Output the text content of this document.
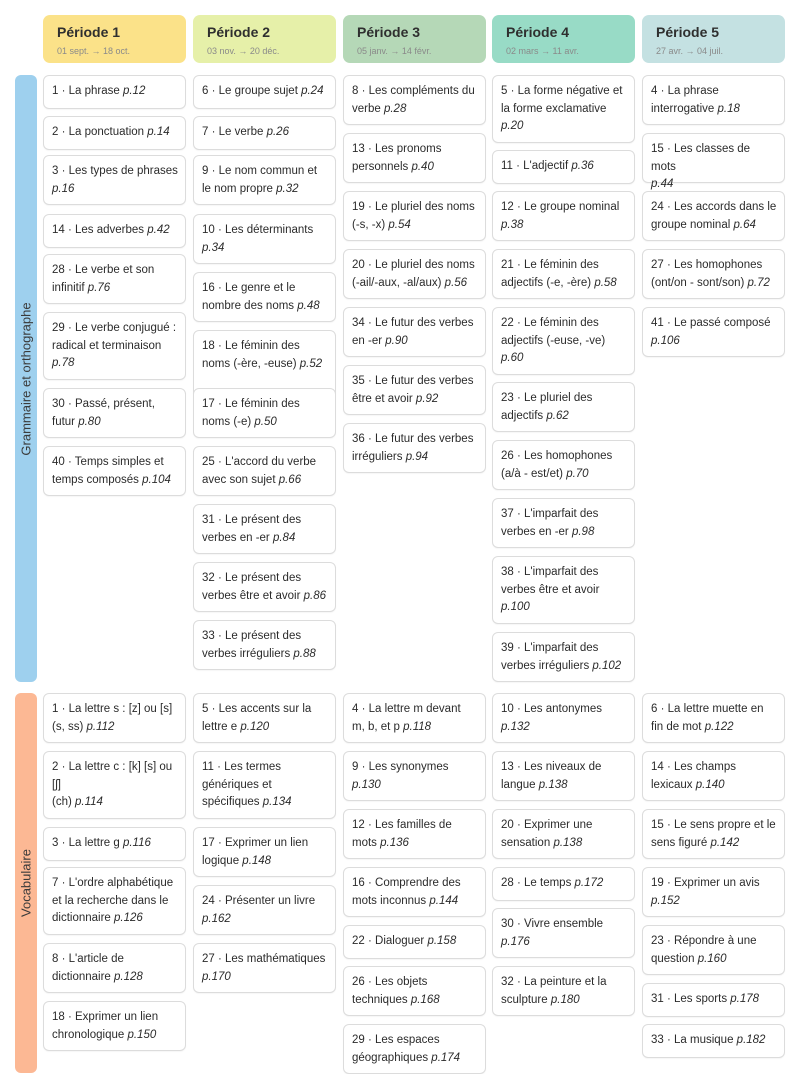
Période 1
01 sept. → 18 oct.
Période 2
03 nov. → 20 déc.
Période 3
05 janv. → 14 févr.
Période 4
02 mars → 11 avr.
Période 5
27 avr. → 04 juil.
Grammaire et orthographe
Vocabulaire
1 · La phrase p.12
2 · La ponctuation p.14
3 · Les types de phrases
p.16
14 · Les adverbes p.42
28 · Le verbe et son
infinitif p.76
29 · Le verbe conjugué :
radical et terminaison
p.78
30 · Passé, présent,
futur p.80
40 · Temps simples et
temps composés p.104
6 · Le groupe sujet p.24
7 · Le verbe p.26
9 · Le nom commun et
le nom propre p.32
10 · Les déterminants
p.34
16 · Le genre et le
nombre des noms p.48
18 · Le féminin des
noms (-ère, -euse) p.52
17 · Le féminin des
noms (-e) p.50
25 · L'accord du verbe
avec son sujet p.66
31 · Le présent des
verbes en -er p.84
32 · Le présent des
verbes être et avoir p.86
33 · Le présent des
verbes irréguliers p.88
8 · Les compléments du
verbe p.28
13 · Les pronoms
personnels p.40
19 · Le pluriel des noms
(-s, -x) p.54
20 · Le pluriel des noms
(-ail/-aux, -al/aux) p.56
34 · Le futur des verbes
en -er p.90
35 · Le futur des verbes
être et avoir p.92
36 · Le futur des verbes
irréguliers p.94
5 · La forme négative et
la forme exclamative
p.20
11 · L'adjectif p.36
12 · Le groupe nominal
p.38
21 · Le féminin des
adjectifs (-e, -ère) p.58
22 · Le féminin des
adjectifs (-euse, -ve)
p.60
23 · Le pluriel des
adjectifs p.62
26 · Les homophones
(a/à - est/et) p.70
37 · L'imparfait des
verbes en -er p.98
38 · L'imparfait des
verbes être et avoir
p.100
39 · L'imparfait des
verbes irréguliers p.102
4 · La phrase
interrogative p.18
15 · Les classes de mots
p.44
24 · Les accords dans le
groupe nominal p.64
27 · Les homophones
(ont/on - sont/son) p.72
41 · Le passé composé
p.106
1 · La lettre s : [z] ou [s]
(s, ss) p.112
2 · La lettre c : [k] [s] ou
[ʃ]
(ch) p.114
3 · La lettre g p.116
7 · L'ordre alphabétique
et la recherche dans le
dictionnaire p.126
8 · L'article de
dictionnaire p.128
18 · Exprimer un lien
chronologique p.150
5 · Les accents sur la
lettre e p.120
11 · Les termes
génériques et
spécifiques p.134
17 · Exprimer un lien
logique p.148
24 · Présenter un livre
p.162
27 · Les mathématiques
p.170
4 · La lettre m devant
m, b, et p p.118
9 · Les synonymes
p.130
12 · Les familles de
mots p.136
16 · Comprendre des
mots inconnus p.144
22 · Dialoguer p.158
26 · Les objets
techniques p.168
29 · Les espaces
géographiques p.174
10 · Les antonymes
p.132
13 · Les niveaux de
langue p.138
20 · Exprimer une
sensation p.138
28 · Le temps p.172
30 · Vivre ensemble
p.176
32 · La peinture et la
sculpture p.180
6 · La lettre muette en
fin de mot p.122
14 · Les champs
lexicaux p.140
15 · Le sens propre et le
sens figuré p.142
19 · Exprimer un avis
p.152
23 · Répondre à une
question p.160
31 · Les sports p.178
33 · La musique p.182
